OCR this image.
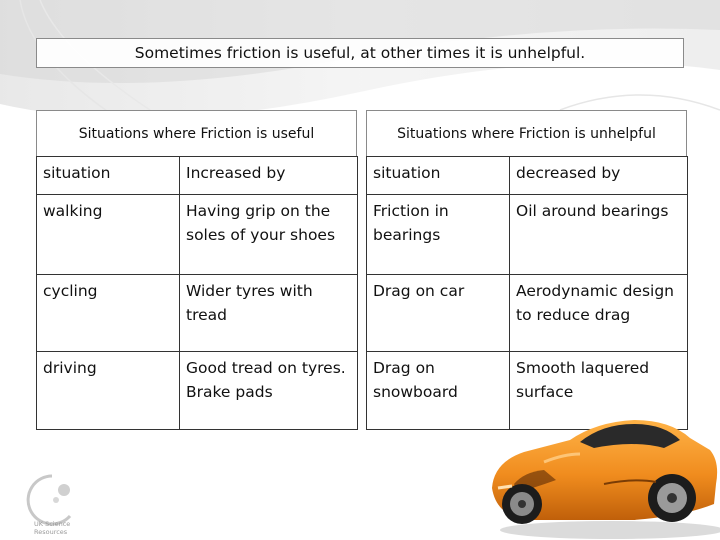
Sometimes friction is useful, at other times it is unhelpful.
Situations where Friction is useful	Situations where Friction is unhelpful
situation	Increased by
walking	Having grip on the soles of your shoes
cycling	Wider tyres with tread
driving	Good tread on tyres. Brake pads
situation	decreased by
Friction in bearings	Oil around bearings
Drag on car	Aerodynamic design to reduce drag
Drag on snowboard	Smooth laquered surface
UK Science
Resources
